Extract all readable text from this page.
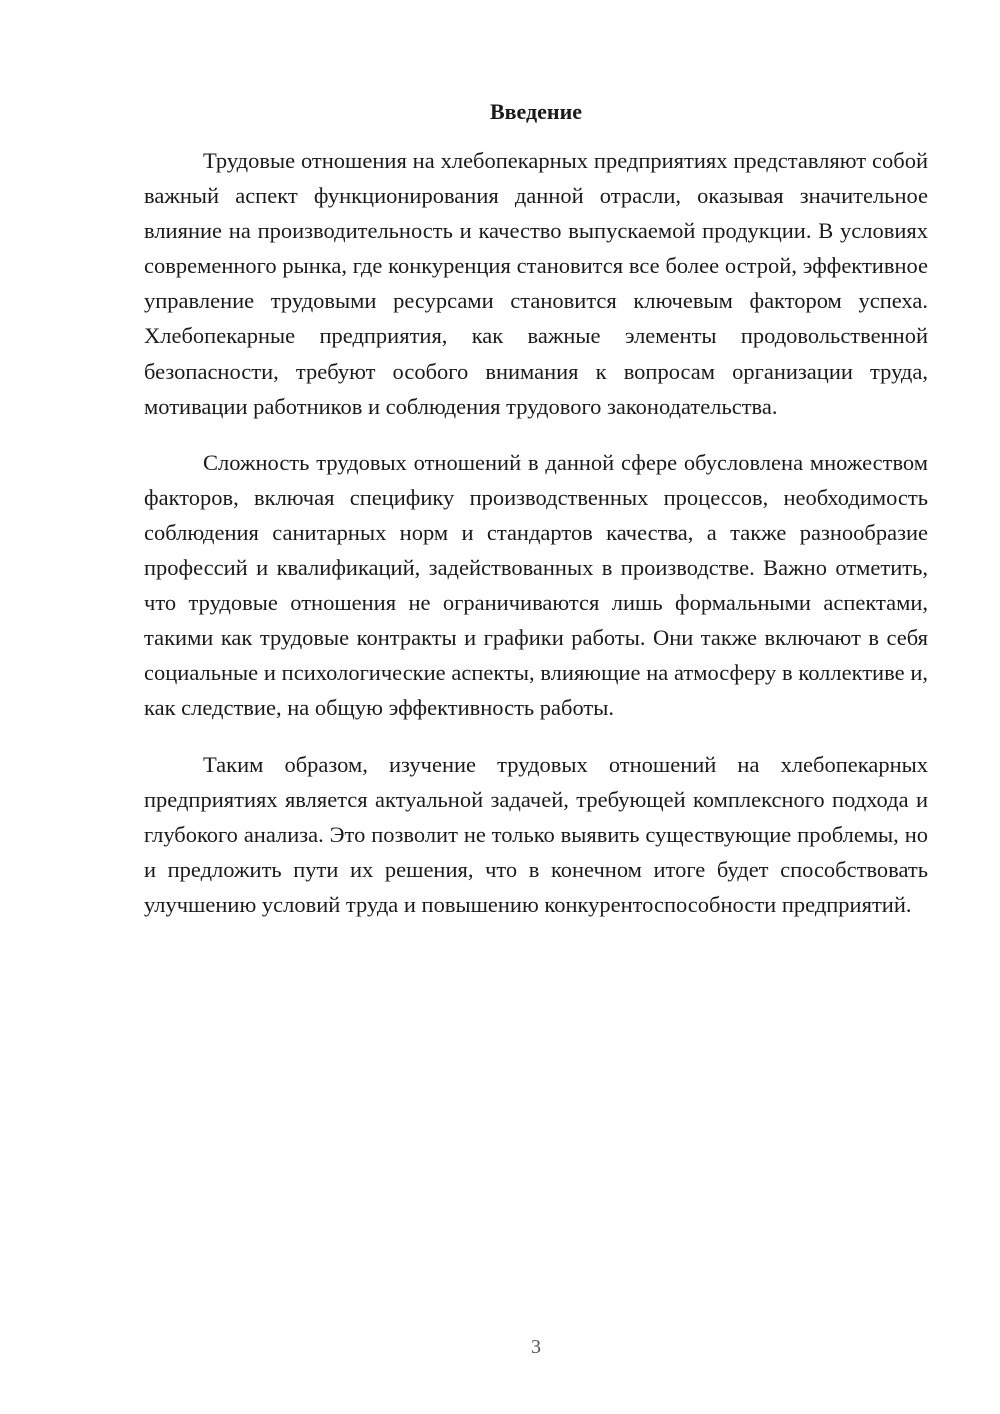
Введение

Трудовые отношения на хлебопекарных предприятиях представляют собой важный аспект функционирования данной отрасли, оказывая значительное влияние на производительность и качество выпускаемой продукции. В условиях современного рынка, где конкуренция становится все более острой, эффективное управление трудовыми ресурсами становится ключевым фактором успеха. Хлебопекарные предприятия, как важные элементы продовольственной безопасности, требуют особого внимания к вопросам организации труда, мотивации работников и соблюдения трудового законодательства.

Сложность трудовых отношений в данной сфере обусловлена множеством факторов, включая специфику производственных процессов, необходимость соблюдения санитарных норм и стандартов качества, а также разнообразие профессий и квалификаций, задействованных в производстве. Важно отметить, что трудовые отношения не ограничиваются лишь формальными аспектами, такими как трудовые контракты и графики работы. Они также включают в себя социальные и психологические аспекты, влияющие на атмосферу в коллективе и, как следствие, на общую эффективность работы.

Таким образом, изучение трудовых отношений на хлебопекарных предприятиях является актуальной задачей, требующей комплексного подхода и глубокого анализа. Это позволит не только выявить существующие проблемы, но и предложить пути их решения, что в конечном итоге будет способствовать улучшению условий труда и повышению конкурентоспособности предприятий.

3
